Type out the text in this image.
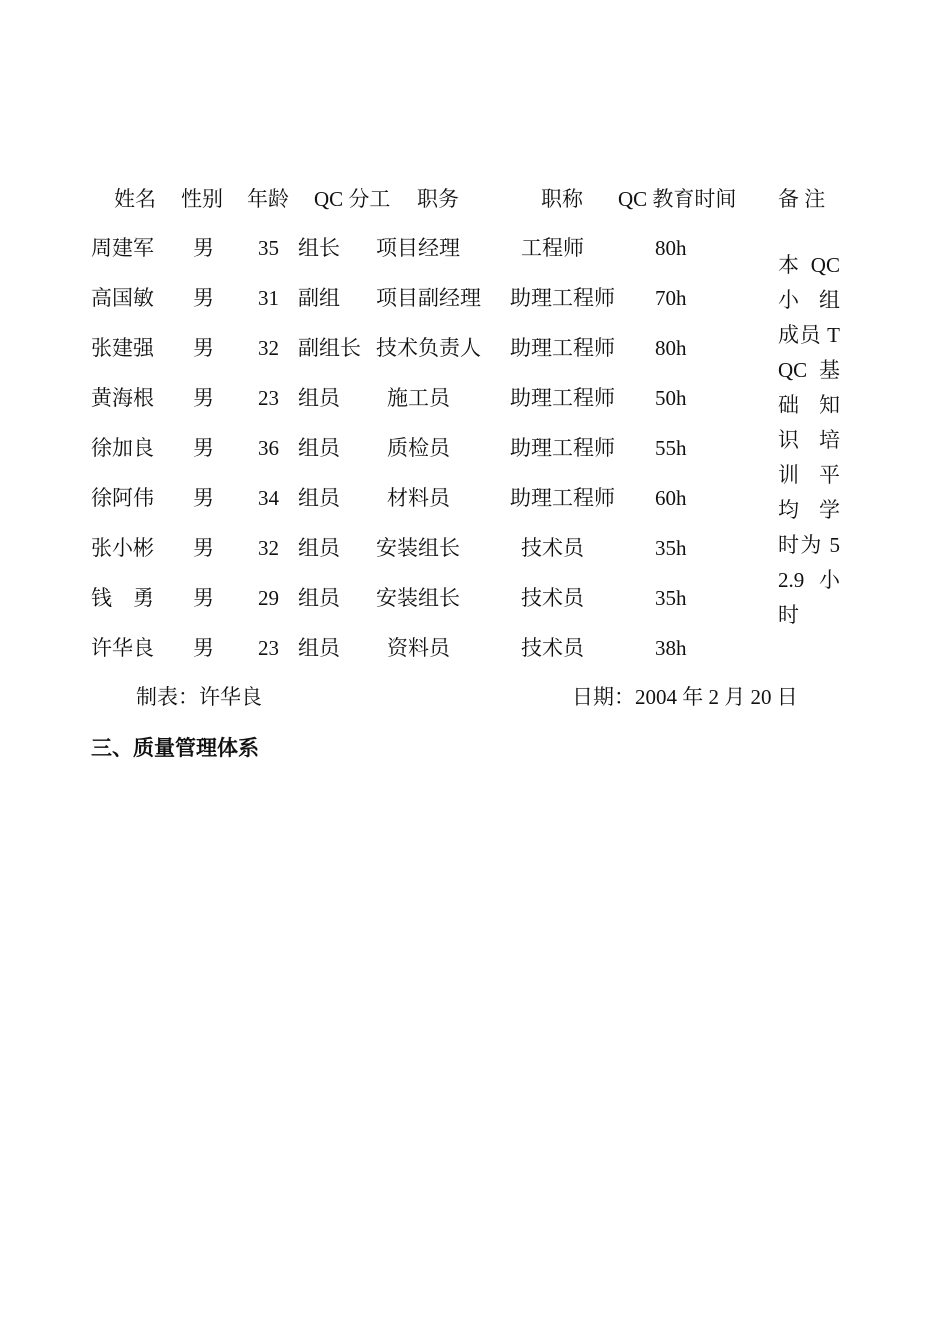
姓名 性别 年龄 QC 分工 职务	职称 QC 教育时间 备 注
周建军 男 35 组长 项目经理	工程师	80h
高国敏 男 31 副组 项目副经理 助理工程师 70h
张建强 男 32 副组长 技术负责人 助理工程师 80h
黄海根 男 23 组员 施工员	助理工程师 50h
徐加良 男 36 组员 质检员	助理工程师 55h
徐阿伟 男 34 组员 材料员	助理工程师 60h
张小彬 男 32 组员 安装组长	技术员	35h
钱　勇 男 29 组员 安装组长	技术员	35h
许华良 男 23 组员 资料员	技术员	38h
本 QC 小组成员 TQC 基础知识培训平均学时为 52.9 小时
制表：许华良	日期：2004 年 2 月 20 日
三、质量管理体系
